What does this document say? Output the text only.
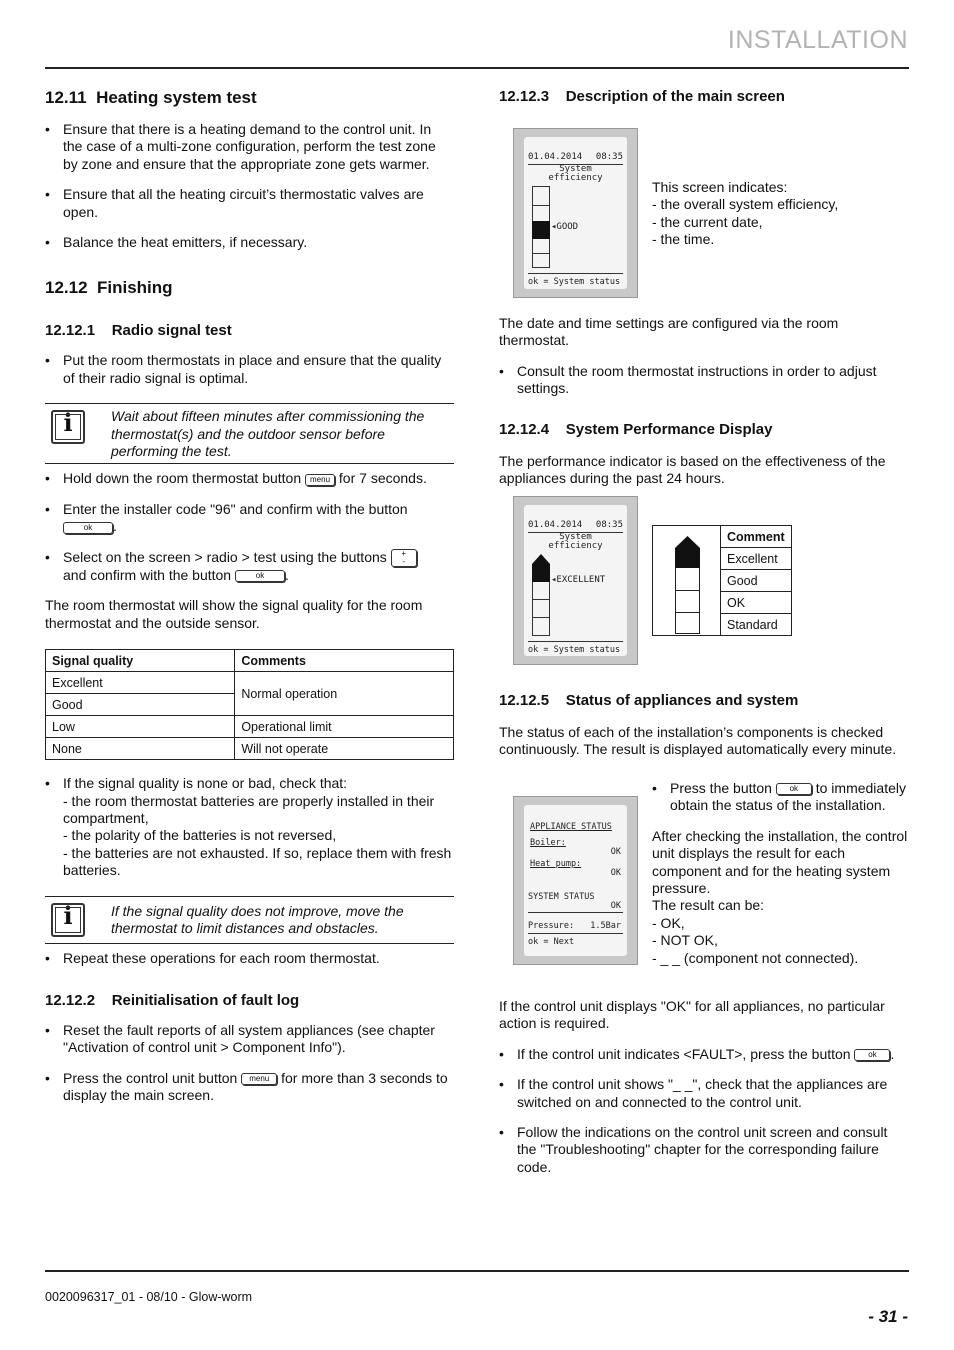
INSTALLATION
12.11 Heating system test
• Ensure that there is a heating demand to the control unit. In the case of a multi-zone configuration, perform the test zone by zone and ensure that the appropriate zone gets warmer.
• Ensure that all the heating circuit’s thermostatic valves are open.
• Balance the heat emitters, if necessary.
12.12 Finishing
12.12.1 Radio signal test
• Put the room thermostats in place and ensure that the quality of their radio signal is optimal.
i	Wait about fifteen minutes after commissioning the thermostat(s) and the outdoor sensor before performing the test.
• Hold down the room thermostat button menu for 7 seconds.
• Enter the installer code "96" and confirm with the button
ok .
• Select on the screen > radio > test using the buttons +
-
and confirm with the button	ok .

The room thermostat will show the signal quality for the room thermostat and the outside sensor.

Signal quality	Comments
Excellent	Normal operation
Good	
Low	Operational limit
None	Will not operate
• If the signal quality is none or bad, check that:
- the room thermostat batteries are properly installed in their compartment,
- the polarity of the batteries is not reversed,
- the batteries are not exhausted. If so, replace them with fresh batteries.
i	If the signal quality does not improve, move the thermostat to limit distances and obstacles.
• Repeat these operations for each room thermostat.
12.12.2 Reinitialisation of fault log
• Reset the fault reports of all system appliances (see chapter "Activation of control unit > Component Info").
• Press the control unit button menu for more than 3 seconds to display the main screen.
12.12.3 Description of the main screen
01.04.2014 08:35
System
efficiency
◂GOOD
ok = System status
This screen indicates:
- the overall system efficiency,
- the current date,
- the time.

The date and time settings are configured via the room thermostat.

• Consult the room thermostat instructions in order to adjust settings.
12.12.4 System Performance Display

The performance indicator is based on the effectiveness of the appliances during the past 24 hours.

01.04.2014 08:35
System
efficiency
◂EXCELLENT
ok = System status
Comment
Excellent
Good
OK
Standard
12.12.5 Status of appliances and system

The status of each of the installation’s components is checked continuously. The result is displayed automatically every minute.

APPLIANCE STATUS
Boiler:
OK
Heat pump:
OK
SYSTEM STATUS
OK
Pressure: 1.5Bar
ok = Next
• Press the button ok to immediately obtain the status of the installation.
After checking the installation, the control unit displays the result for each component and for the heating system pressure.
The result can be:
- OK,
- NOT OK,
- _ _ (component not connected).

If the control unit displays "OK" for all appliances, no particular action is required.

• If the control unit indicates <FAULT>, press the button ok .
• If the control unit shows "_ _", check that the appliances are switched on and connected to the control unit.
• Follow the indications on the control unit screen and consult the "Troubleshooting" chapter for the corresponding failure code.
0020096317_01 - 08/10 - Glow-worm
- 31 -
